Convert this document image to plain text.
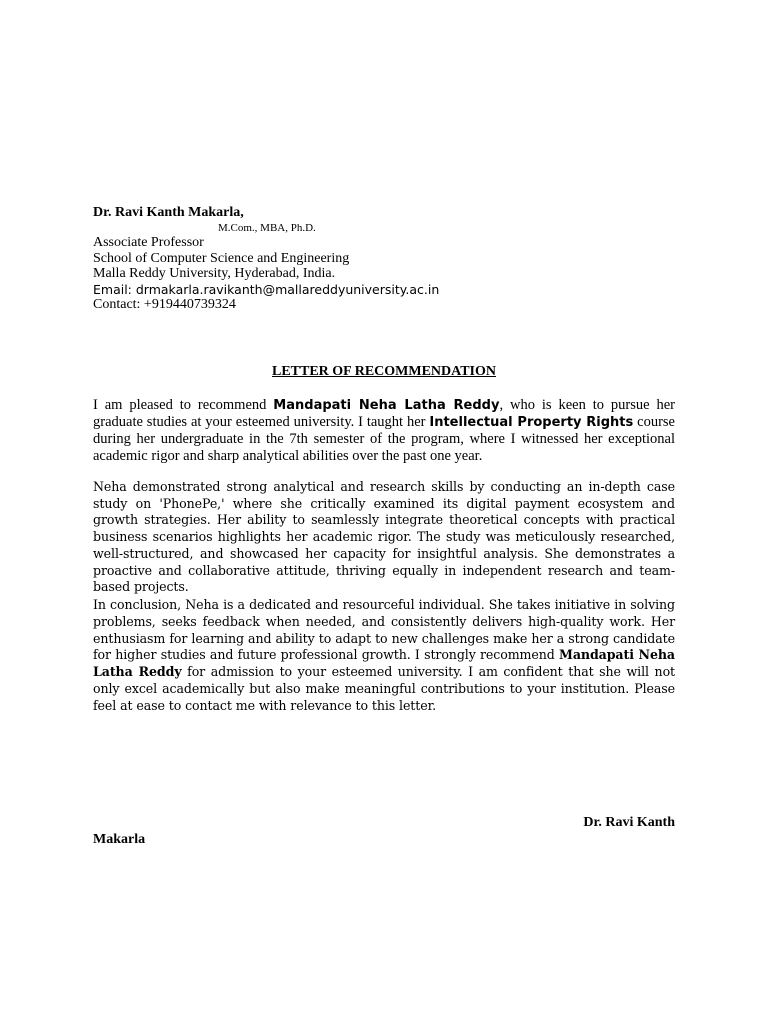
Dr. Ravi Kanth Makarla,
M.Com., MBA, Ph.D.
Associate Professor
School of Computer Science and Engineering
Malla Reddy University, Hyderabad, India.
Email: drmakarla.ravikanth@mallareddyuniversity.ac.in
Contact: +919440739324
LETTER OF RECOMMENDATION
I am pleased to recommend Mandapati Neha Latha Reddy, who is keen to pursue her graduate studies at your esteemed university. I taught her Intellectual Property Rights course during her undergraduate in the 7th semester of the program, where I witnessed her exceptional academic rigor and sharp analytical abilities over the past one year.
Neha demonstrated strong analytical and research skills by conducting an in-depth case study on 'PhonePe,' where she critically examined its digital payment ecosystem and growth strategies. Her ability to seamlessly integrate theoretical concepts with practical business scenarios highlights her academic rigor. The study was meticulously researched, well-structured, and showcased her capacity for insightful analysis. She demonstrates a proactive and collaborative attitude, thriving equally in independent research and team-based projects.
In conclusion, Neha is a dedicated and resourceful individual. She takes initiative in solving problems, seeks feedback when needed, and consistently delivers high-quality work. Her enthusiasm for learning and ability to adapt to new challenges make her a strong candidate for higher studies and future professional growth. I strongly recommend Mandapati Neha Latha Reddy for admission to your esteemed university. I am confident that she will not only excel academically but also make meaningful contributions to your institution. Please feel at ease to contact me with relevance to this letter.
Dr. Ravi Kanth
Makarla
